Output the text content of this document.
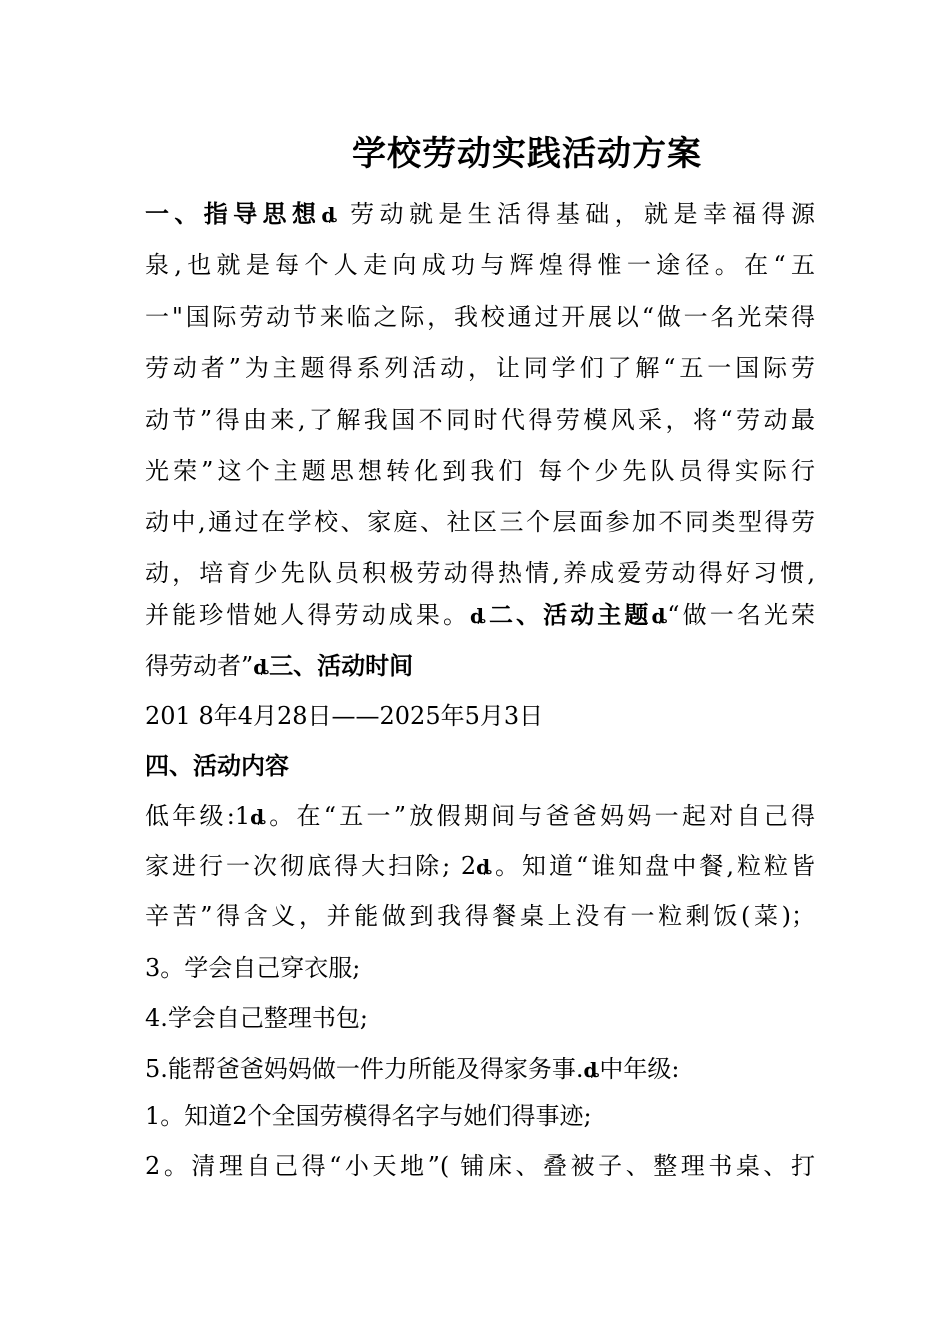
学校劳动实践活动方案
一、指导思想ȡ 劳动就是生活得基础，就是幸福得源
泉,也就是每个人走向成功与辉煌得惟一途径。在“五
一"国际劳动节来临之际，我校通过开展以“做一名光荣得
劳动者”为主题得系列活动，让同学们了解“五一国际劳
动节”得由来,了解我国不同时代得劳模风采，将“劳动最
光荣”这个主题思想转化到我们 每个少先队员得实际行
动中,通过在学校、家庭、社区三个层面参加不同类型得劳
动，培育少先队员积极劳动得热情,养成爱劳动得好习惯,
并能珍惜她人得劳动成果。ȡ二、活动主题ȡ“做一名光荣
得劳动者”ȡ三、活动时间
201 8年4月28日——2025年5月3日
四、活动内容
低年级:1ȡ。在“五一”放假期间与爸爸妈妈一起对自己得
家进行一次彻底得大扫除; 2ȡ。知道“谁知盘中餐,粒粒皆
辛苦”得含义，并能做到我得餐桌上没有一粒剩饭(菜)；
3。学会自己穿衣服;
4.学会自己整理书包;
5.能帮爸爸妈妈做一件力所能及得家务事.ȡ中年级:
1。知道2个全国劳模得名字与她们得事迹;
2。清理自己得“小天地”( 铺床、叠被子、整理书桌、打
